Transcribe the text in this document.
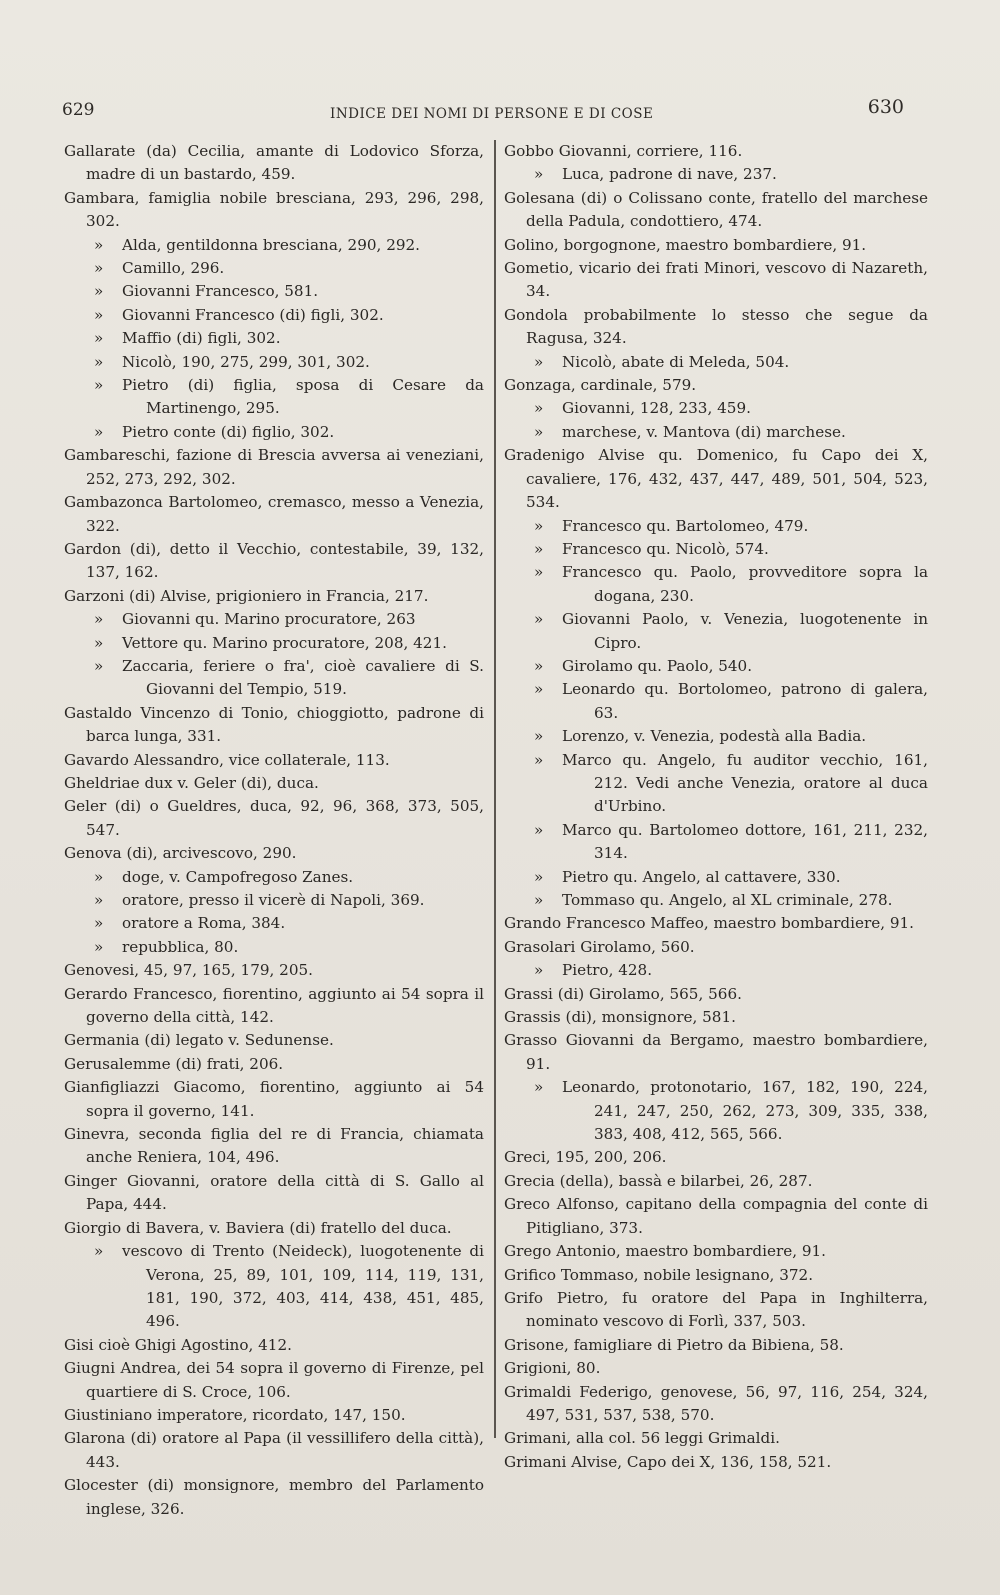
629	INDICE DEI NOMI DI PERSONE E DI COSE	630
Gallarate (da) Cecilia, amante di Lodovico Sforza, madre di un bastardo, 459.
Gambara, famiglia nobile bresciana, 293, 296, 298, 302.
» Alda, gentildonna bresciana, 290, 292.
» Camillo, 296.
» Giovanni Francesco, 581.
» Giovanni Francesco (di) figli, 302.
» Maffio (di) figli, 302.
» Nicolò, 190, 275, 299, 301, 302.
» Pietro (di) figlia, sposa di Cesare da Martinengo, 295.
» Pietro conte (di) figlio, 302.
Gambareschi, fazione di Brescia avversa ai veneziani, 252, 273, 292, 302.
Gambazonca Bartolomeo, cremasco, messo a Venezia, 322.
Gardon (di), detto il Vecchio, contestabile, 39, 132, 137, 162.
Garzoni (di) Alvise, prigioniero in Francia, 217.
» Giovanni qu. Marino procuratore, 263
» Vettore qu. Marino procuratore, 208, 421.
» Zaccaria, feriere o fra', cioè cavaliere di S. Giovanni del Tempio, 519.
Gastaldo Vincenzo di Tonio, chioggiotto, padrone di barca lunga, 331.
Gavardo Alessandro, vice collaterale, 113.
Gheldriae dux v. Geler (di), duca.
Geler (di) o Gueldres, duca, 92, 96, 368, 373, 505, 547.
Genova (di), arcivescovo, 290.
» doge, v. Campofregoso Zanes.
» oratore, presso il vicerè di Napoli, 369.
» oratore a Roma, 384.
» repubblica, 80.
Genovesi, 45, 97, 165, 179, 205.
Gerardo Francesco, fiorentino, aggiunto ai 54 sopra il governo della città, 142.
Germania (di) legato v. Sedunense.
Gerusalemme (di) frati, 206.
Gianfigliazzi Giacomo, fiorentino, aggiunto ai 54 sopra il governo, 141.
Ginevra, seconda figlia del re di Francia, chiamata anche Reniera, 104, 496.
Ginger Giovanni, oratore della città di S. Gallo al Papa, 444.
Giorgio di Bavera, v. Baviera (di) fratello del duca.
» vescovo di Trento (Neideck), luogotenente di Verona, 25, 89, 101, 109, 114, 119, 131, 181, 190, 372, 403, 414, 438, 451, 485, 496.
Gisi cioè Ghigi Agostino, 412.
Giugni Andrea, dei 54 sopra il governo di Firenze, pel quartiere di S. Croce, 106.
Giustiniano imperatore, ricordato, 147, 150.
Glarona (di) oratore al Papa (il vessillifero della città), 443.
Glocester (di) monsignore, membro del Parlamento inglese, 326.
Gobbo Giovanni, corriere, 116.
» Luca, padrone di nave, 237.
Golesana (di) o Colissano conte, fratello del marchese della Padula, condottiero, 474.
Golino, borgognone, maestro bombardiere, 91.
Gometio, vicario dei frati Minori, vescovo di Nazareth, 34.
Gondola probabilmente lo stesso che segue da Ragusa, 324.
» Nicolò, abate di Meleda, 504.
Gonzaga, cardinale, 579.
» Giovanni, 128, 233, 459.
» marchese, v. Mantova (di) marchese.
Gradenigo Alvise qu. Domenico, fu Capo dei X, cavaliere, 176, 432, 437, 447, 489, 501, 504, 523, 534.
» Francesco qu. Bartolomeo, 479.
» Francesco qu. Nicolò, 574.
» Francesco qu. Paolo, provveditore sopra la dogana, 230.
» Giovanni Paolo, v. Venezia, luogotenente in Cipro.
» Girolamo qu. Paolo, 540.
» Leonardo qu. Bortolomeo, patrono di galera, 63.
» Lorenzo, v. Venezia, podestà alla Badia.
» Marco qu. Angelo, fu auditor vecchio, 161, 212. Vedi anche Venezia, oratore al duca d'Urbino.
» Marco qu. Bartolomeo dottore, 161, 211, 232, 314.
» Pietro qu. Angelo, al cattavere, 330.
» Tommaso qu. Angelo, al XL criminale, 278.
Grando Francesco Maffeo, maestro bombardiere, 91.
Grasolari Girolamo, 560.
» Pietro, 428.
Grassi (di) Girolamo, 565, 566.
Grassis (di), monsignore, 581.
Grasso Giovanni da Bergamo, maestro bombardiere, 91.
» Leonardo, protonotario, 167, 182, 190, 224, 241, 247, 250, 262, 273, 309, 335, 338, 383, 408, 412, 565, 566.
Greci, 195, 200, 206.
Grecia (della), bassà e bilarbei, 26, 287.
Greco Alfonso, capitano della compagnia del conte di Pitigliano, 373.
Grego Antonio, maestro bombardiere, 91.
Grifico Tommaso, nobile lesignano, 372.
Grifo Pietro, fu oratore del Papa in Inghilterra, nominato vescovo di Forlì, 337, 503.
Grisone, famigliare di Pietro da Bibiena, 58.
Grigioni, 80.
Grimaldi Federigo, genovese, 56, 97, 116, 254, 324, 497, 531, 537, 538, 570.
Grimani, alla col. 56 leggi Grimaldi.
Grimani Alvise, Capo dei X, 136, 158, 521.
